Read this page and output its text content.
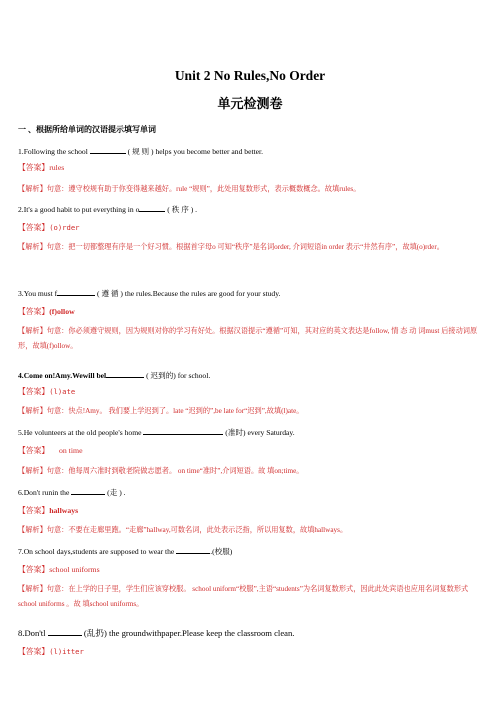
Unit 2 No Rules,No Order
单元检测卷
一 、根据所给单词的汉语提示填写单词
1.Following the school	( 规 则 ) helps you become better and better.
【答案】rules
【解析】句意：遵守校规有助于你变得越来越好。rule “规则”，此处用复数形式，表示概数概念。故填rules。
2.It's a good habit to put everything in o	( 秩 序 ) .
【答案】(o)rder
【解析】句意：把一切都整理有序是一个好习惯。根据首字母o 可知“秩序”是名词order, 介词短语in order 表示“井然有序”，故填(o)rder。
3.You must f	( 遵 循 ) the rules.Because the rules are good for your study.
【答案】(f)ollow
【解析】句意：你必须遵守规则，因为规则对你的学习有好处。根据汉语提示“遵循”可知，其对应的英文表达是follow, 情 态 动 词must 后接动词原形，故填(f)ollow。
4.Come on!Amy.Wewill bel	( 迟到的) for school.
【答案】(l)ate
【解析】句意：快点!Amy。 我们要上学迟到了。late “迟到的”,be late for“迟到”,故填(l)ate。
5.He volunteers at the old people's home	(准时) every Saturday.
【答案】 on time
【解析】句意：他每周六准时到敬老院做志愿者。 on time“准时”,介词短语。故 填on;time。
6.Don't runin the	(走 ) .
【答案】hallways
【解析】句意：不要在走廊里跑。“走廊”hallway,可数名词，此处表示泛指，所以用复数，故填hallways。
7.On school days,students are supposed to wear the	.(校服)
【答案】school uniforms
【解析】句意：在上学的日子里，学生们应该穿校服。 school uniform“校服”,主语“students”为名词复数形式，因此此处宾语也应用名词复数形式school uniforms 。故 填school uniforms。
8.Don'tl	(乱扔) the groundwithpaper.Please keep the classroom clean.
【答案】(l)itter
